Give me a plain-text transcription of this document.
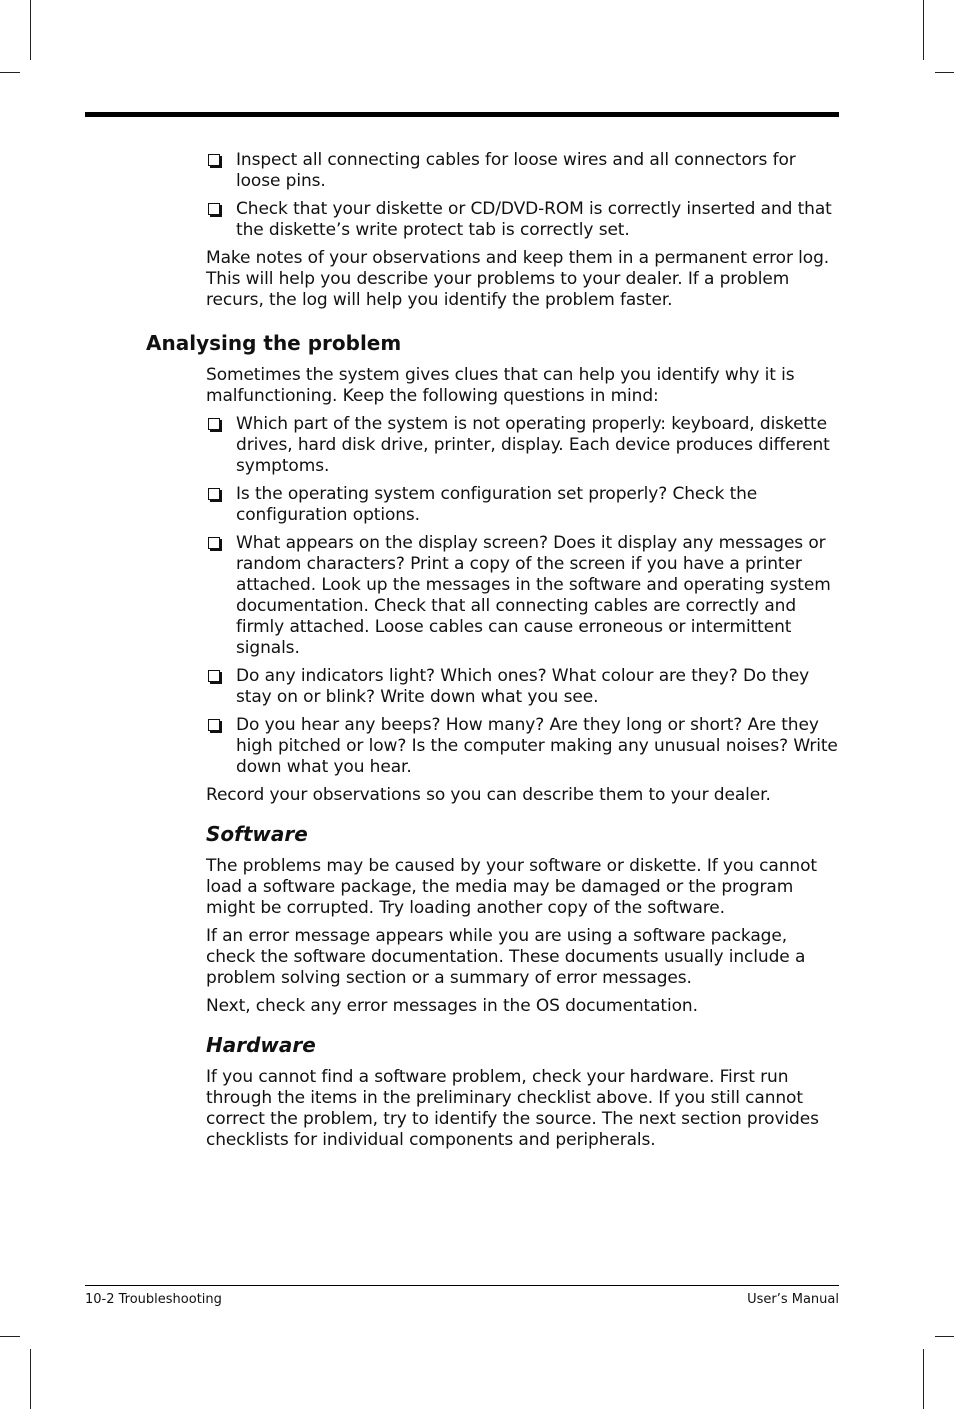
Inspect all connecting cables for loose wires and all connectors for loose pins.
Check that your diskette or CD/DVD-ROM is correctly inserted and that the diskette’s write protect tab is correctly set.

Make notes of your observations and keep them in a permanent error log. This will help you describe your problems to your dealer. If a problem recurs, the log will help you identify the problem faster.

Analysing the problem

Sometimes the system gives clues that can help you identify why it is malfunctioning. Keep the following questions in mind:

Which part of the system is not operating properly: keyboard, diskette drives, hard disk drive, printer, display. Each device produces different symptoms.
Is the operating system configuration set properly? Check the configuration options.
What appears on the display screen? Does it display any messages or random characters? Print a copy of the screen if you have a printer attached. Look up the messages in the software and operating system documentation. Check that all connecting cables are correctly and firmly attached. Loose cables can cause erroneous or intermittent signals.
Do any indicators light? Which ones? What colour are they? Do they stay on or blink? Write down what you see.
Do you hear any beeps? How many? Are they long or short? Are they high pitched or low? Is the computer making any unusual noises? Write down what you hear.

Record your observations so you can describe them to your dealer.

Software

The problems may be caused by your software or diskette. If you cannot load a software package, the media may be damaged or the program might be corrupted. Try loading another copy of the software.

If an error message appears while you are using a software package, check the software documentation. These documents usually include a problem solving section or a summary of error messages.

Next, check any error messages in the OS documentation.

Hardware

If you cannot find a software problem, check your hardware. First run through the items in the preliminary checklist above. If you still cannot correct the problem, try to identify the source. The next section provides checklists for individual components and peripherals.

10-2 Troubleshooting	User’s Manual
